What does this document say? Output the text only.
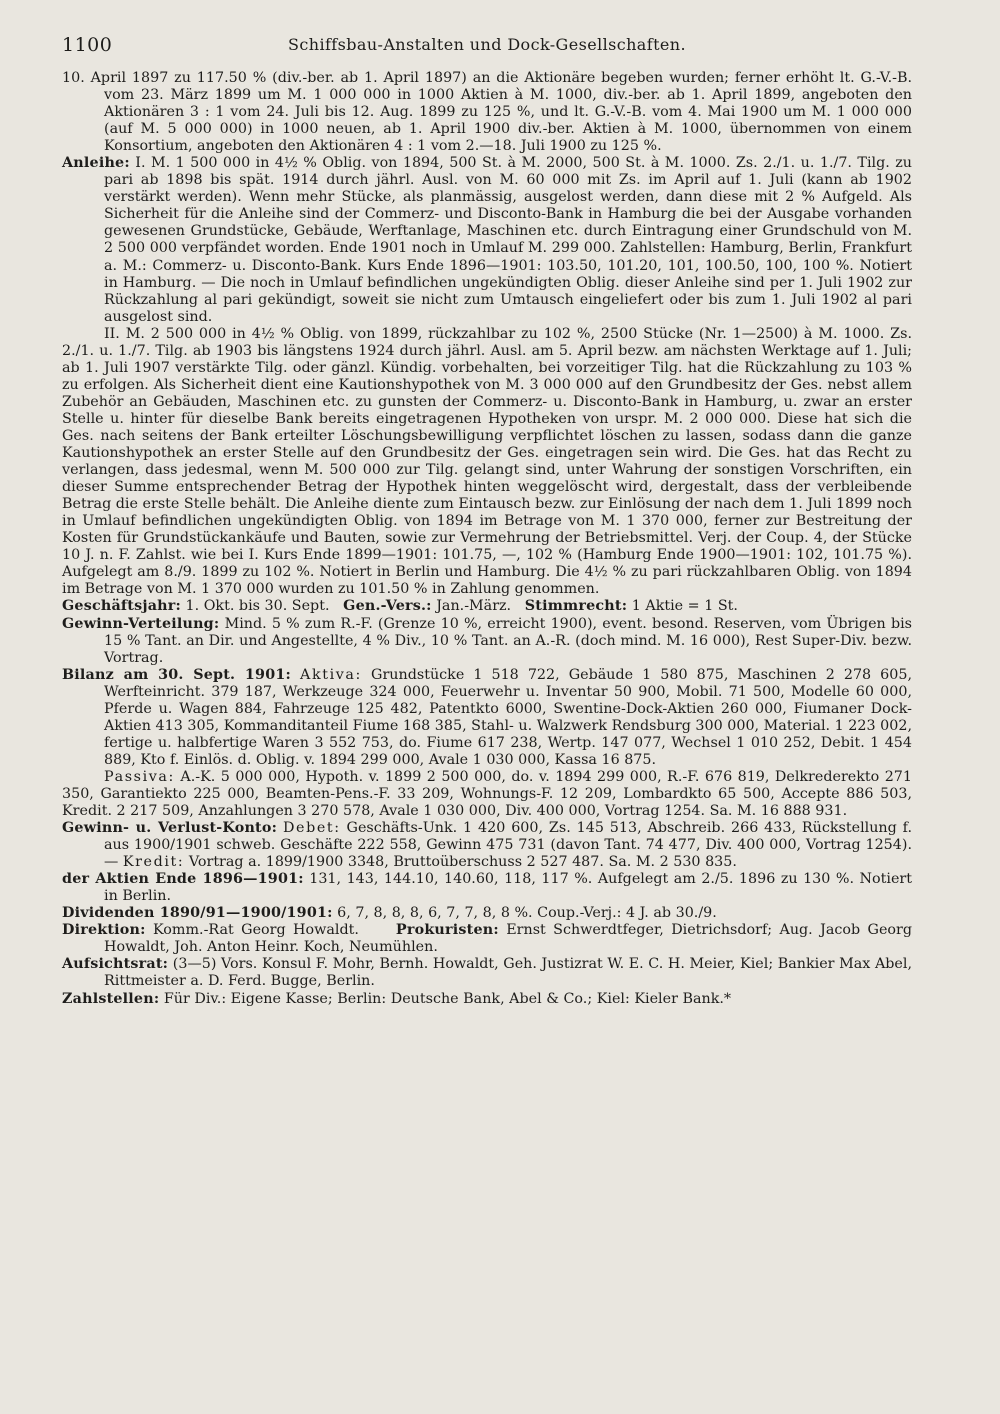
1100	Schiffsbau-Anstalten und Dock-Gesellschaften.

10. April 1897 zu 117.50 % (div.-ber. ab 1. April 1897) an die Aktionäre begeben wurden; ferner erhöht lt. G.-V.-B. vom 23. März 1899 um M. 1 000 000 in 1000 Aktien à M. 1000, div.-ber. ab 1. April 1899, angeboten den Aktionären 3 : 1 vom 24. Juli bis 12. Aug. 1899 zu 125 %, und lt. G.-V.-B. vom 4. Mai 1900 um M. 1 000 000 (auf M. 5 000 000) in 1000 neuen, ab 1. April 1900 div.-ber. Aktien à M. 1000, übernommen von einem Konsortium, angeboten den Aktionären 4 : 1 vom 2.—18. Juli 1900 zu 125 %.

Anleihe: I. M. 1 500 000 in 4½ % Oblig. von 1894, 500 St. à M. 2000, 500 St. à M. 1000. Zs. 2./1. u. 1./7. Tilg. zu pari ab 1898 bis spät. 1914 durch jährl. Ausl. von M. 60 000 mit Zs. im April auf 1. Juli (kann ab 1902 verstärkt werden). Wenn mehr Stücke, als planmässig, ausgelost werden, dann diese mit 2 % Aufgeld. Als Sicherheit für die Anleihe sind der Commerz- und Disconto-Bank in Hamburg die bei der Ausgabe vorhanden gewesenen Grundstücke, Gebäude, Werftanlage, Maschinen etc. durch Eintragung einer Grundschuld von M. 2 500 000 verpfändet worden. Ende 1901 noch in Umlauf M. 299 000. Zahlstellen: Hamburg, Berlin, Frankfurt a. M.: Commerz- u. Disconto-Bank. Kurs Ende 1896—1901: 103.50, 101.20, 101, 100.50, 100, 100 %. Notiert in Hamburg. — Die noch in Umlauf befindlichen ungekündigten Oblig. dieser Anleihe sind per 1. Juli 1902 zur Rückzahlung al pari gekündigt, soweit sie nicht zum Umtausch eingeliefert oder bis zum 1. Juli 1902 al pari ausgelost sind.

II. M. 2 500 000 in 4½ % Oblig. von 1899, rückzahlbar zu 102 %, 2500 Stücke (Nr. 1—2500) à M. 1000. Zs. 2./1. u. 1./7. Tilg. ab 1903 bis längstens 1924 durch jährl. Ausl. am 5. April bezw. am nächsten Werktage auf 1. Juli; ab 1. Juli 1907 verstärkte Tilg. oder gänzl. Kündig. vorbehalten, bei vorzeitiger Tilg. hat die Rückzahlung zu 103 % zu erfolgen. Als Sicherheit dient eine Kautionshypothek von M. 3 000 000 auf den Grundbesitz der Ges. nebst allem Zubehör an Gebäuden, Maschinen etc. zu gunsten der Commerz- u. Disconto-Bank in Hamburg, u. zwar an erster Stelle u. hinter für dieselbe Bank bereits eingetragenen Hypotheken von urspr. M. 2 000 000. Diese hat sich die Ges. nach seitens der Bank erteilter Löschungsbewilligung verpflichtet löschen zu lassen, sodass dann die ganze Kautionshypothek an erster Stelle auf den Grundbesitz der Ges. eingetragen sein wird. Die Ges. hat das Recht zu verlangen, dass jedesmal, wenn M. 500 000 zur Tilg. gelangt sind, unter Wahrung der sonstigen Vorschriften, ein dieser Summe entsprechender Betrag der Hypothek hinten weggelöscht wird, dergestalt, dass der verbleibende Betrag die erste Stelle behält. Die Anleihe diente zum Eintausch bezw. zur Einlösung der nach dem 1. Juli 1899 noch in Umlauf befindlichen ungekündigten Oblig. von 1894 im Betrage von M. 1 370 000, ferner zur Bestreitung der Kosten für Grundstückankäufe und Bauten, sowie zur Vermehrung der Betriebsmittel. Verj. der Coup. 4, der Stücke 10 J. n. F. Zahlst. wie bei I. Kurs Ende 1899—1901: 101.75, —, 102 % (Hamburg Ende 1900—1901: 102, 101.75 %). Aufgelegt am 8./9. 1899 zu 102 %. Notiert in Berlin und Hamburg. Die 4½ % zu pari rückzahlbaren Oblig. von 1894 im Betrage von M. 1 370 000 wurden zu 101.50 % in Zahlung genommen.

Geschäftsjahr: 1. Okt. bis 30. Sept. Gen.-Vers.: Jan.-März. Stimmrecht: 1 Aktie = 1 St.

Gewinn-Verteilung: Mind. 5 % zum R.-F. (Grenze 10 %, erreicht 1900), event. besond. Reserven, vom Übrigen bis 15 % Tant. an Dir. und Angestellte, 4 % Div., 10 % Tant. an A.-R. (doch mind. M. 16 000), Rest Super-Div. bezw. Vortrag.

Bilanz am 30. Sept. 1901: Aktiva: Grundstücke 1 518 722, Gebäude 1 580 875, Maschinen 2 278 605, Werfteinricht. 379 187, Werkzeuge 324 000, Feuerwehr u. Inventar 50 900, Mobil. 71 500, Modelle 60 000, Pferde u. Wagen 884, Fahrzeuge 125 482, Patentkto 6000, Swentine-Dock-Aktien 260 000, Fiumaner Dock-Aktien 413 305, Kommanditanteil Fiume 168 385, Stahl- u. Walzwerk Rendsburg 300 000, Material. 1 223 002, fertige u. halbfertige Waren 3 552 753, do. Fiume 617 238, Wertp. 147 077, Wechsel 1 010 252, Debit. 1 454 889, Kto f. Einlös. d. Oblig. v. 1894 299 000, Avale 1 030 000, Kassa 16 875.

Passiva: A.-K. 5 000 000, Hypoth. v. 1899 2 500 000, do. v. 1894 299 000, R.-F. 676 819, Delkrederekto 271 350, Garantiekto 225 000, Beamten-Pens.-F. 33 209, Wohnungs-F. 12 209, Lombardkto 65 500, Accepte 886 503, Kredit. 2 217 509, Anzahlungen 3 270 578, Avale 1 030 000, Div. 400 000, Vortrag 1254. Sa. M. 16 888 931.

Gewinn- u. Verlust-Konto: Debet: Geschäfts-Unk. 1 420 600, Zs. 145 513, Abschreib. 266 433, Rückstellung f. aus 1900/1901 schweb. Geschäfte 222 558, Gewinn 475 731 (davon Tant. 74 477, Div. 400 000, Vortrag 1254). — Kredit: Vortrag a. 1899/1900 3348, Bruttoüberschuss 2 527 487. Sa. M. 2 530 835.

der Aktien Ende 1896—1901: 131, 143, 144.10, 140.60, 118, 117 %. Aufgelegt am 2./5. 1896 zu 130 %. Notiert in Berlin.

Dividenden 1890/91—1900/1901: 6, 7, 8, 8, 8, 6, 7, 7, 8, 8 %. Coup.-Verj.: 4 J. ab 30./9.

Direktion: Komm.-Rat Georg Howaldt.	Prokuristen: Ernst Schwerdtfeger, Dietrichsdorf; Aug. Jacob Georg Howaldt, Joh. Anton Heinr. Koch, Neumühlen.

Aufsichtsrat: (3—5) Vors. Konsul F. Mohr, Bernh. Howaldt, Geh. Justizrat W. E. C. H. Meier, Kiel; Bankier Max Abel, Rittmeister a. D. Ferd. Bugge, Berlin.

Zahlstellen: Für Div.: Eigene Kasse; Berlin: Deutsche Bank, Abel & Co.; Kiel: Kieler Bank.*
